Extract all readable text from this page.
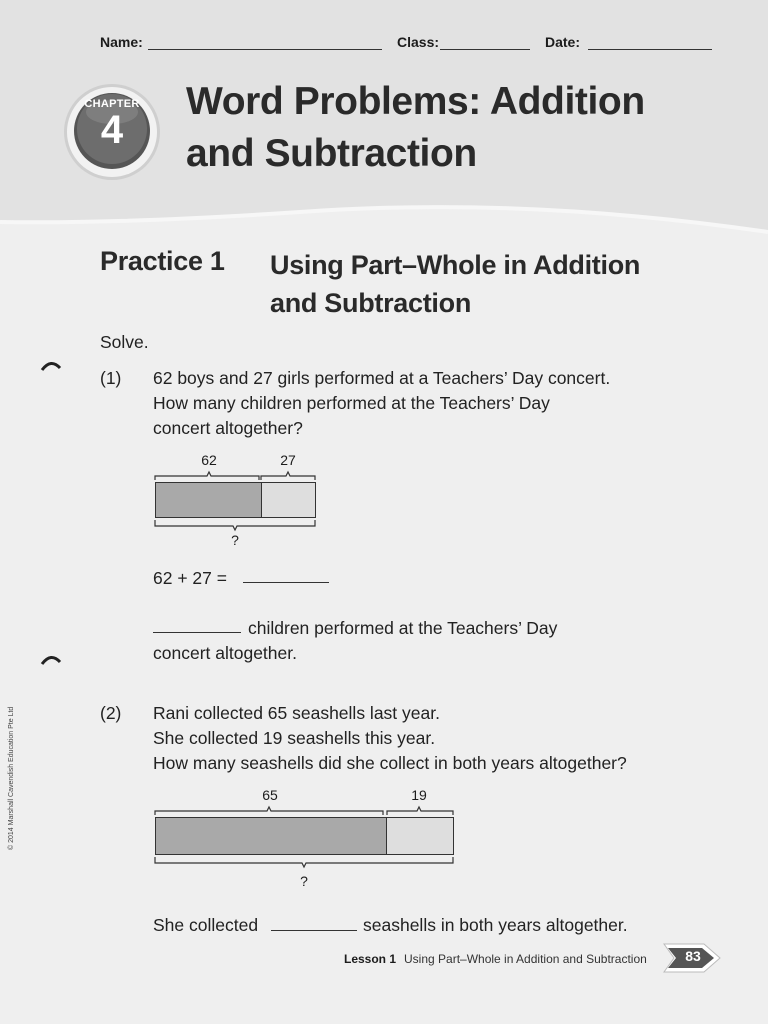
Name:	Class:	Date:
CHAPTER
4
Word Problems: Addition
and Subtraction
Practice 1 Using Part–Whole in Addition
and Subtraction
Solve.
(1) 62 boys and 27 girls performed at a Teachers’ Day concert.
How many children performed at the Teachers’ Day
concert altogether?
62	27
?
62 + 27 =
children performed at the Teachers’ Day
concert altogether.
(2) Rani collected 65 seashells last year.
She collected 19 seashells this year.
How many seashells did she collect in both years altogether?
65	19
?
She collected	seashells in both years altogether.
© 2014 Marshall Cavendish Education Pte Ltd
Lesson 1 Using Part–Whole in Addition and Subtraction	83
